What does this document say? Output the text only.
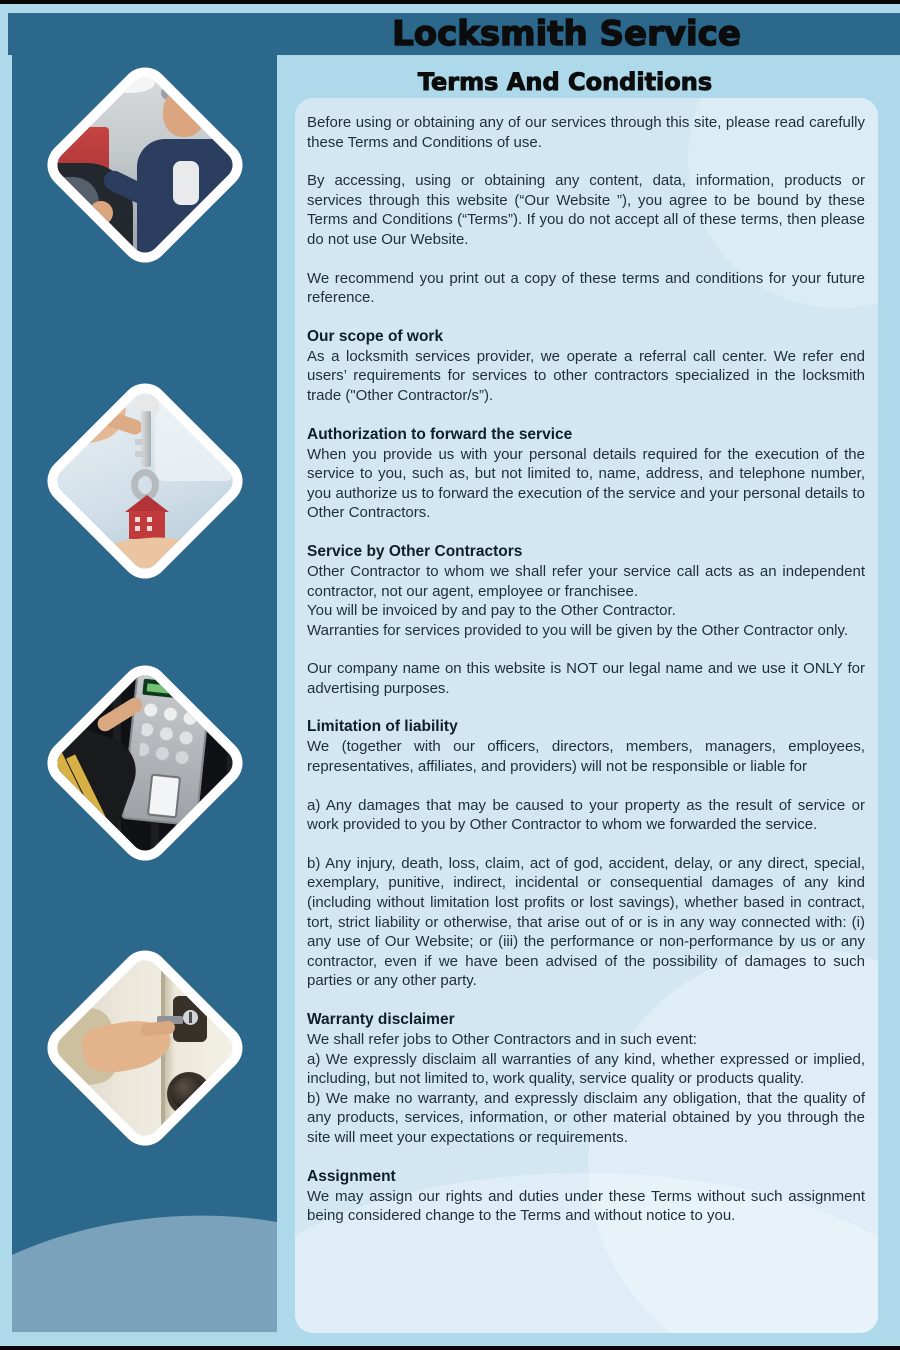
Locksmith Service
Terms And Conditions

Before using or obtaining any of our services through this site, please read carefully these Terms and Conditions of use.

By accessing, using or obtaining any content, data, information, products or services through this website (“Our Website ”), you agree to be bound by these Terms and Conditions (“Terms”). If you do not accept all of these terms, then please do not use Our Website.

We recommend you print out a copy of these terms and conditions for your future reference.

Our scope of work

As a locksmith services provider, we operate a referral call center. We refer end users’ requirements for services to other contractors specialized in the locksmith trade ("Other Contractor/s”).

Authorization to forward the service

When you provide us with your personal details required for the execution of the service to you, such as, but not limited to, name, address, and telephone number, you authorize us to forward the execution of the service and your personal details to Other Contractors.

Service by Other Contractors

Other Contractor to whom we shall refer your service call acts as an independent contractor, not our agent, employee or franchisee.

You will be invoiced by and pay to the Other Contractor.

Warranties for services provided to you will be given by the Other Contractor only.

Our company name on this website is NOT our legal name and we use it ONLY for advertising purposes.

Limitation of liability

We (together with our officers, directors, members, managers, employees, representatives, affiliates, and providers) will not be responsible or liable for

a) Any damages that may be caused to your property as the result of service or work provided to you by Other Contractor to whom we forwarded the service.

b) Any injury, death, loss, claim, act of god, accident, delay, or any direct, special, exemplary, punitive, indirect, incidental or consequential damages of any kind (including without limitation lost profits or lost savings), whether based in contract, tort, strict liability or otherwise, that arise out of or is in any way connected with: (i) any use of Our Website; or (iii) the performance or non-performance by us or any contractor, even if we have been advised of the possibility of damages to such parties or any other party.

Warranty disclaimer

We shall refer jobs to Other Contractors and in such event:

a) We expressly disclaim all warranties of any kind, whether expressed or implied, including, but not limited to, work quality, service quality or products quality.

b) We make no warranty, and expressly disclaim any obligation, that the quality of any products, services, information, or other material obtained by you through the site will meet your expectations or requirements.

Assignment

We may assign our rights and duties under these Terms without such assignment being considered change to the Terms and without notice to you.
